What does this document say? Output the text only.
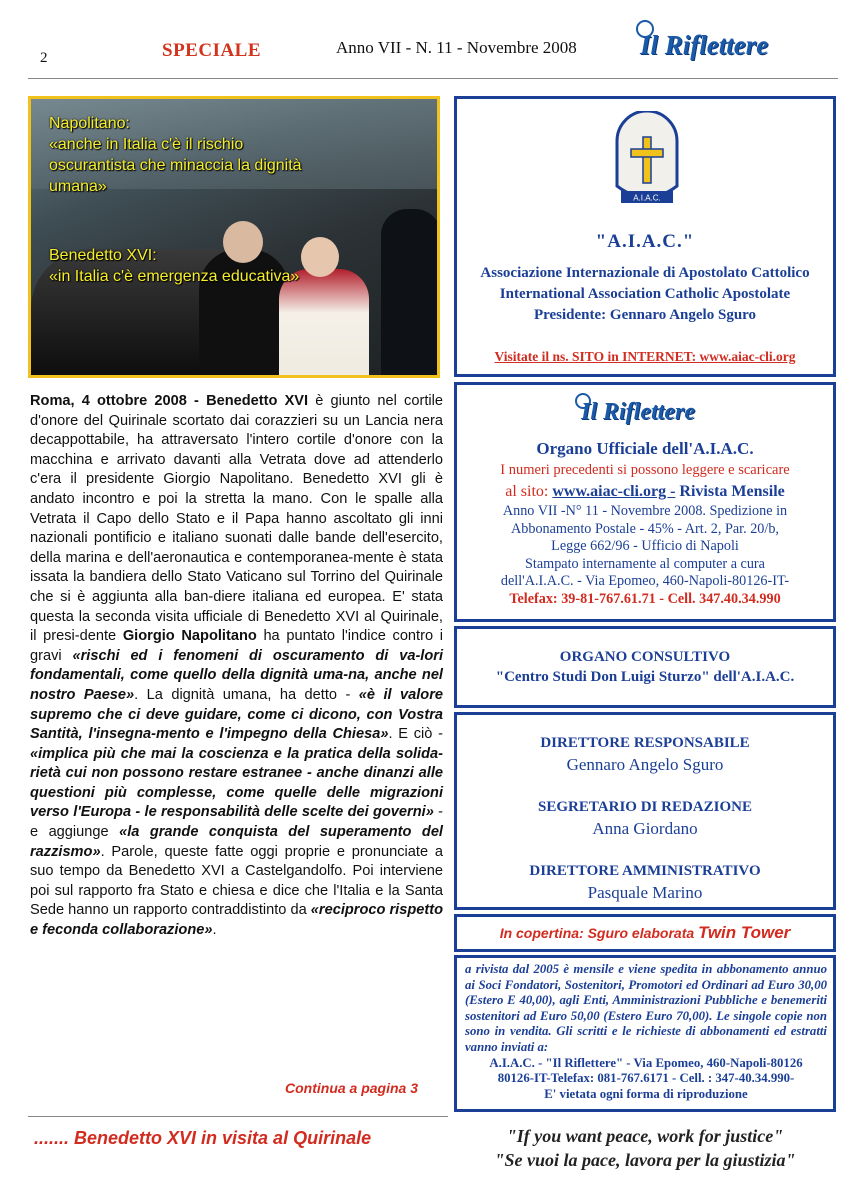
2	SPECIALE	Anno VII - N. 11 - Novembre 2008 Il Riflettere
Napolitano:
«anche in Italia c'è il rischio
oscurantista che minaccia la dignità
umana»
Benedetto XVI:
«in Italia c'è emergenza educativa»
Roma, 4 ottobre 2008 - Benedetto XVI è giunto nel cortile d'onore del Quirinale scortato dai corazzieri su un Lancia nera decappottabile, ha attraversato l'intero cortile d'onore con la macchina e arrivato davanti alla Vetrata dove ad attenderlo c'era il presidente Giorgio Napolitano. Benedetto XVI gli è andato incontro e poi la stretta la mano. Con le spalle alla Vetrata il Capo dello Stato e il Papa hanno ascoltato gli inni nazionali pontificio e italiano suonati dalle bande dell'esercito, della marina e dell'aeronautica e contemporanea-mente è stata issata la bandiera dello Stato Vaticano sul Torrino del Quirinale che si è aggiunta alla ban-diere italiana ed europea. E' stata questa la seconda visita ufficiale di Benedetto XVI al Quirinale, il presi-dente Giorgio Napolitano ha puntato l'indice contro i gravi «rischi ed i fenomeni di oscuramento di va-lori fondamentali, come quello della dignità uma-na, anche nel nostro Paese». La dignità umana, ha detto - «è il valore supremo che ci deve guidare, come ci dicono, con Vostra Santità, l'insegna-mento e l'impegno della Chiesa». E ciò - «implica più che mai la coscienza e la pratica della solida-rietà cui non possono restare estranee - anche dinanzi alle questioni più complesse, come quelle delle migrazioni verso l'Europa - le responsabilità delle scelte dei governi» - e aggiunge «la grande conquista del superamento del razzismo». Parole, queste fatte oggi proprie e pronunciate a suo tempo da Benedetto XVI a Castelgandolfo. Poi interviene poi sul rapporto fra Stato e chiesa e dice che l'Italia e la Santa Sede hanno un rapporto contraddistinto da «reciproco rispetto e feconda collaborazione».
Continua a pagina 3
....... Benedetto XVI in visita al Quirinale
A.I.A.C.
"A.I.A.C."
Associazione Internazionale di Apostolato Cattolico
International Association Catholic Apostolate
Presidente: Gennaro Angelo Sguro
Visitate il ns. SITO in INTERNET: www.aiac-cli.org
Il Riflettere
Organo Ufficiale dell'A.I.A.C.
I numeri precedenti si possono leggere e scaricare
al sito: www.aiac-cli.org - Rivista Mensile
Anno VII -N° 11 - Novembre 2008. Spedizione in
Abbonamento Postale - 45% - Art. 2, Par. 20/b,
Legge 662/96 - Ufficio di Napoli
Stampato internamente al computer a cura
dell'A.I.A.C. - Via Epomeo, 460-Napoli-80126-IT-
Telefax: 39-81-767.61.71 - Cell. 347.40.34.990
ORGANO CONSULTIVO
"Centro Studi Don Luigi Sturzo" dell'A.I.A.C.
DIRETTORE RESPONSABILE
Gennaro Angelo Sguro
SEGRETARIO DI REDAZIONE
Anna Giordano
DIRETTORE AMMINISTRATIVO
Pasquale Marino
In copertina: Sguro elaborata Twin Tower
a rivista dal 2005 è mensile e viene spedita in abbonamento annuo ai Soci Fondatori, Sostenitori, Promotori ed Ordinari ad Euro 30,00 (Estero E 40,00), agli Enti, Amministrazioni Pubbliche e benemeriti sostenitori ad Euro 50,00 (Estero Euro 70,00). Le singole copie non sono in vendita. Gli scritti e le richieste di abbonamenti ed estratti vanno inviati a:
A.I.A.C. - "Il Riflettere" - Via Epomeo, 460-Napoli-80126
80126-IT-Telefax: 081-767.6171 - Cell. : 347-40.34.990-
E' vietata ogni forma di riproduzione
"If you want peace, work for justice"
"Se vuoi la pace, lavora per la giustizia"
